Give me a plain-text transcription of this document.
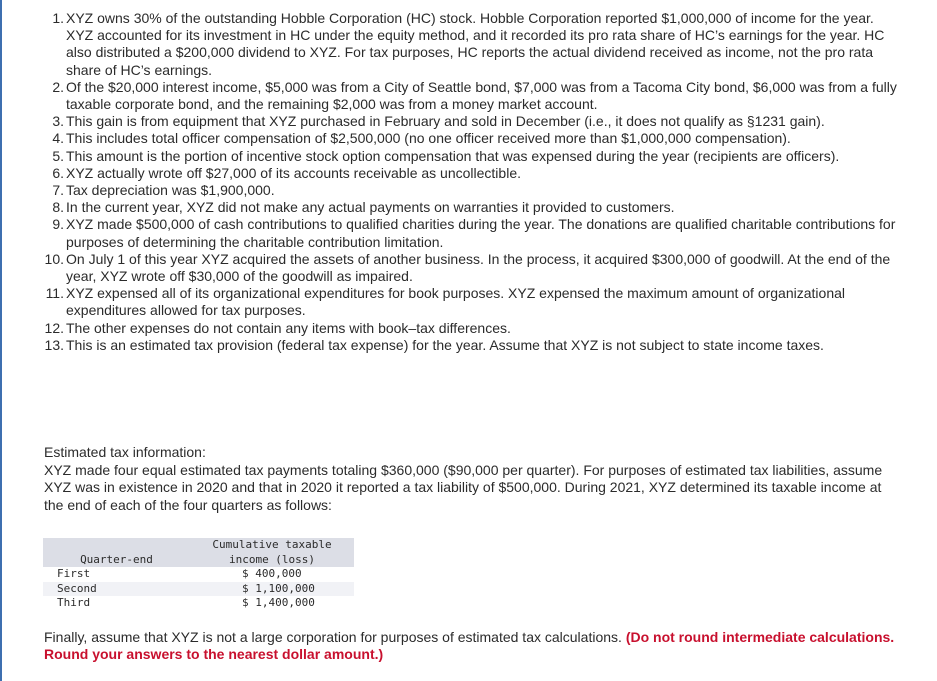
1. XYZ owns 30% of the outstanding Hobble Corporation (HC) stock. Hobble Corporation reported $1,000,000 of income for the year. XYZ accounted for its investment in HC under the equity method, and it recorded its pro rata share of HC’s earnings for the year. HC also distributed a $200,000 dividend to XYZ. For tax purposes, HC reports the actual dividend received as income, not the pro rata share of HC’s earnings.
2. Of the $20,000 interest income, $5,000 was from a City of Seattle bond, $7,000 was from a Tacoma City bond, $6,000 was from a fully taxable corporate bond, and the remaining $2,000 was from a money market account.
3. This gain is from equipment that XYZ purchased in February and sold in December (i.e., it does not qualify as §1231 gain).
4. This includes total officer compensation of $2,500,000 (no one officer received more than $1,000,000 compensation).
5. This amount is the portion of incentive stock option compensation that was expensed during the year (recipients are officers).
6. XYZ actually wrote off $27,000 of its accounts receivable as uncollectible.
7. Tax depreciation was $1,900,000.
8. In the current year, XYZ did not make any actual payments on warranties it provided to customers.
9. XYZ made $500,000 of cash contributions to qualified charities during the year. The donations are qualified charitable contributions for purposes of determining the charitable contribution limitation.
10. On July 1 of this year XYZ acquired the assets of another business. In the process, it acquired $300,000 of goodwill. At the end of the year, XYZ wrote off $30,000 of the goodwill as impaired.
11. XYZ expensed all of its organizational expenditures for book purposes. XYZ expensed the maximum amount of organizational expenditures allowed for tax purposes.
12. The other expenses do not contain any items with book–tax differences.
13. This is an estimated tax provision (federal tax expense) for the year. Assume that XYZ is not subject to state income taxes.

Estimated tax information:

XYZ made four equal estimated tax payments totaling $360,000 ($90,000 per quarter). For purposes of estimated tax liabilities, assume XYZ was in existence in 2020 and that in 2020 it reported a tax liability of $500,000. During 2021, XYZ determined its taxable income at the end of each of the four quarters as follows:

Quarter-end	Cumulative taxable
income (loss)

First	$ 400,000
Second	$ 1,100,000
Third	$ 1,400,000

Finally, assume that XYZ is not a large corporation for purposes of estimated tax calculations. (Do not round intermediate calculations. Round your answers to the nearest dollar amount.)
